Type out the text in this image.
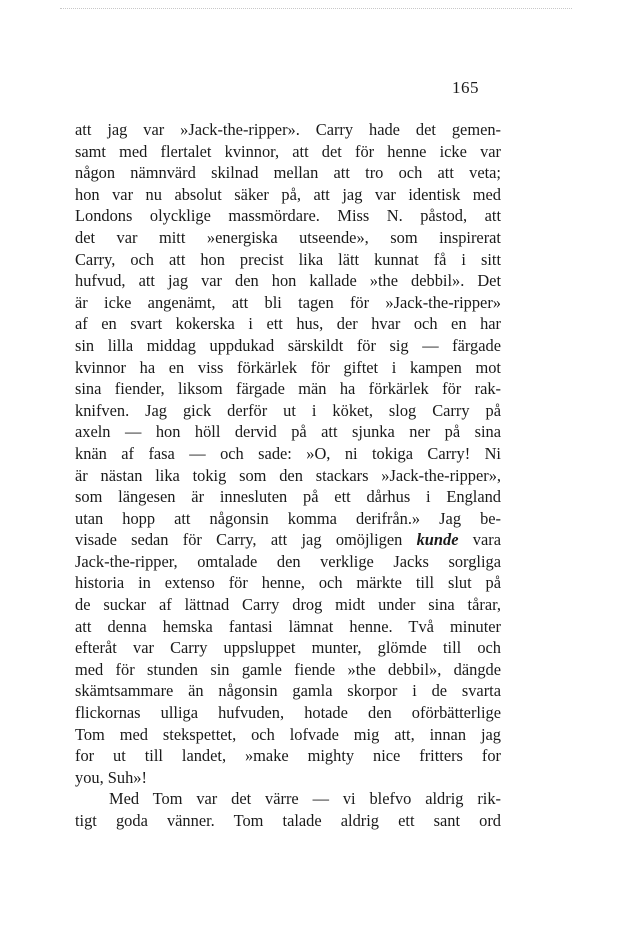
165
att jag var »Jack-the-ripper». Carry hade det gemen-
samt med flertalet kvinnor, att det för henne icke var
någon nämnvärd skilnad mellan att tro och att veta;
hon var nu absolut säker på, att jag var identisk med
Londons olycklige massmördare. Miss N. påstod, att
det var mitt »energiska utseende», som inspirerat
Carry, och att hon precist lika lätt kunnat få i sitt
hufvud, att jag var den hon kallade »the debbil». Det
är icke angenämt, att bli tagen för »Jack-the-ripper»
af en svart kokerska i ett hus, der hvar och en har
sin lilla middag uppdukad särskildt för sig — färgade
kvinnor ha en viss förkärlek för giftet i kampen mot
sina fiender, liksom färgade män ha förkärlek för rak-
knifven. Jag gick derför ut i köket, slog Carry på
axeln — hon höll dervid på att sjunka ner på sina
knän af fasa — och sade: »O, ni tokiga Carry! Ni
är nästan lika tokig som den stackars »Jack-the-ripper»,
som längesen är innesluten på ett dårhus i England
utan hopp att någonsin komma derifrån.» Jag be-
visade sedan för Carry, att jag omöjligen kunde vara
Jack-the-ripper, omtalade den verklige Jacks sorgliga
historia in extenso för henne, och märkte till slut på
de suckar af lättnad Carry drog midt under sina tårar,
att denna hemska fantasi lämnat henne. Två minuter
efteråt var Carry uppsluppet munter, glömde till och
med för stunden sin gamle fiende »the debbil», dängde
skämtsammare än någonsin gamla skorpor i de svarta
flickornas ulliga hufvuden, hotade den oförbätterlige
Tom med stekspettet, och lofvade mig att, innan jag
for ut till landet, »make mighty nice fritters for
you, Suh»!
Med Tom var det värre — vi blefvo aldrig rik-
tigt goda vänner. Tom talade aldrig ett sant ord
